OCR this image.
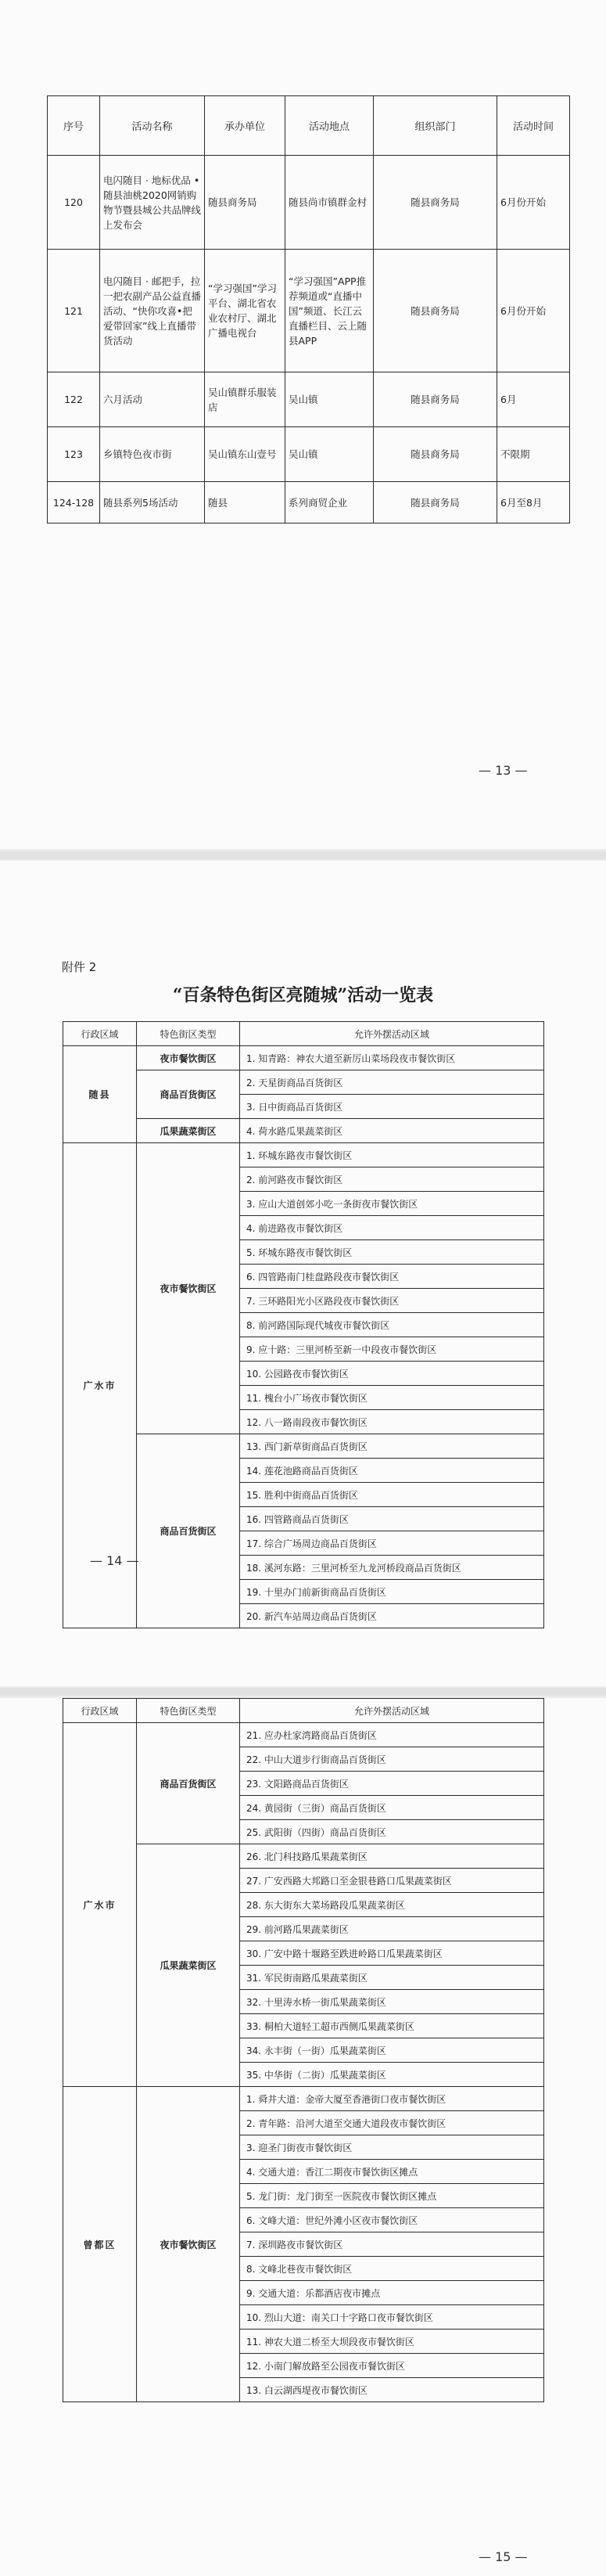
序号	活动名称	承办单位	活动地点	组织部门	活动时间
120	电闪随目 · 地标优品 • 随县油桃2020网销购物节暨县城公共品牌线上发布会	随县商务局	随县尚市镇群金村	随县商务局	6月份开始
121	电闪随目 · 邮把手，拉一把农副产品公益直播活动、“快你攻喜•把爱带回家”线上直播带货活动	“学习强国”学习平台、湖北省农业农村厅、湖北广播电视台	“学习强国”APP推荐频道或“直播中国”频道、长江云直播栏目、云上随县APP	随县商务局	6月份开始
122	六月活动	吴山镇群乐服装店	吴山镇	随县商务局	6月
123	乡镇特色夜市街	吴山镇东山壹号	吴山镇	随县商务局	不限期
124-128	随县系列5场活动	随县	系列商贸企业	随县商务局	6月至8月
— 13 —
附件 2
“百条特色街区亮随城”活动一览表
行政区域	特色街区类型	允许外摆活动区域
随县	夜市餐饮街区	1. 知青路：神农大道至新厉山菜场段夜市餐饮街区
	商品百货街区	2. 天星街商品百货街区
		3. 日中街商品百货街区
	瓜果蔬菜街区	4. 荷水路瓜果蔬菜街区
广水市	夜市餐饮街区	1. 环城东路夜市餐饮街区
		2. 前河路夜市餐饮街区
		3. 应山大道创郊小吃一条街夜市餐饮街区
		4. 前进路夜市餐饮街区
		5. 环城东路夜市餐饮街区
		6. 四管路南门桂盘路段夜市餐饮街区
		7. 三环路阳光小区路段夜市餐饮街区
		8. 前河路国际现代城夜市餐饮街区
		9. 应十路：三里河桥至新一中段夜市餐饮街区
		10. 公园路夜市餐饮街区
		11. 槐台小广场夜市餐饮街区
		12. 八一路南段夜市餐饮街区
	商品百货街区	13. 西门新草街商品百货街区
		14. 莲花池路商品百货街区
		15. 胜利中街商品百货街区
		16. 四管路商品百货街区
		17. 综合广场周边商品百货街区
		18. 溪河东路：三里河桥至九龙河桥段商品百货街区
		19. 十里办门前新街商品百货街区
		20. 新汽车站周边商品百货街区
— 14 —
行政区域	特色街区类型	允许外摆活动区域
广水市	商品百货街区	21. 应办杜家湾路商品百货街区
		22. 中山大道步行街商品百货街区
		23. 文阳路商品百货街区
		24. 黄园街（三街）商品百货街区
		25. 武阳街（四街）商品百货街区
	瓜果蔬菜街区	26. 北门科技路瓜果蔬菜街区
		27. 广安西路大邦路口至金银巷路口瓜果蔬菜街区
		28. 东大街东大菜场路段瓜果蔬菜街区
		29. 前河路瓜果蔬菜街区
		30. 广安中路十堰路至跌进岭路口瓜果蔬菜街区
		31. 军民街南路瓜果蔬菜街区
		32. 十里涛水桥一街瓜果蔬菜街区
		33. 桐柏大道轻工超市西侧瓜果蔬菜街区
		34. 永丰街（一街）瓜果蔬菜街区
		35. 中华街（二街）瓜果蔬菜街区
曾都区	夜市餐饮街区	1. 舜井大道：金帝大厦至香港街口夜市餐饮街区
		2. 青年路：沿河大道至交通大道段夜市餐饮街区
		3. 迎圣门街夜市餐饮街区
		4. 交通大道：香江二期夜市餐饮街区摊点
		5. 龙门街：龙门街至一医院夜市餐饮街区摊点
		6. 文峰大道：世纪外滩小区夜市餐饮街区
		7. 深圳路夜市餐饮街区
		8. 文峰北巷夜市餐饮街区
		9. 交通大道：乐都酒店夜市摊点
		10. 烈山大道：南关口十字路口夜市餐饮街区
		11. 神农大道二桥至大坝段夜市餐饮街区
		12. 小南门解放路至公园夜市餐饮街区
		13. 白云湖西堤夜市餐饮街区
— 15 —
